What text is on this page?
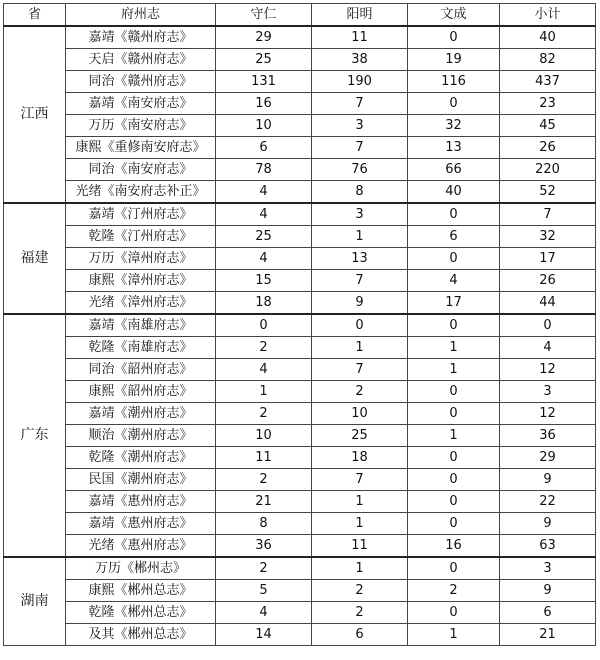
省	府州志	守仁	阳明	文成	小计
江西	嘉靖《赣州府志》	29	11	0	40
	天启《赣州府志》	25	38	19	82
	同治《赣州府志》	131	190	116	437
	嘉靖《南安府志》	16	7	0	23
	万历《南安府志》	10	3	32	45
	康熙《重修南安府志》	6	7	13	26
	同治《南安府志》	78	76	66	220
	光绪《南安府志补正》	4	8	40	52
福建	嘉靖《汀州府志》	4	3	0	7
	乾隆《汀州府志》	25	1	6	32
	万历《漳州府志》	4	13	0	17
	康熙《漳州府志》	15	7	4	26
	光绪《漳州府志》	18	9	17	44
广东	嘉靖《南雄府志》	0	0	0	0
	乾隆《南雄府志》	2	1	1	4
	同治《韶州府志》	4	7	1	12
	康熙《韶州府志》	1	2	0	3
	嘉靖《潮州府志》	2	10	0	12
	顺治《潮州府志》	10	25	1	36
	乾隆《潮州府志》	11	18	0	29
	民国《潮州府志》	2	7	0	9
	嘉靖《惠州府志》	21	1	0	22
	嘉靖《惠州府志》	8	1	0	9
	光绪《惠州府志》	36	11	16	63
湖南	万历《郴州志》	2	1	0	3
	康熙《郴州总志》	5	2	2	9
	乾隆《郴州总志》	4	2	0	6
	及其《郴州总志》	14	6	1	21
